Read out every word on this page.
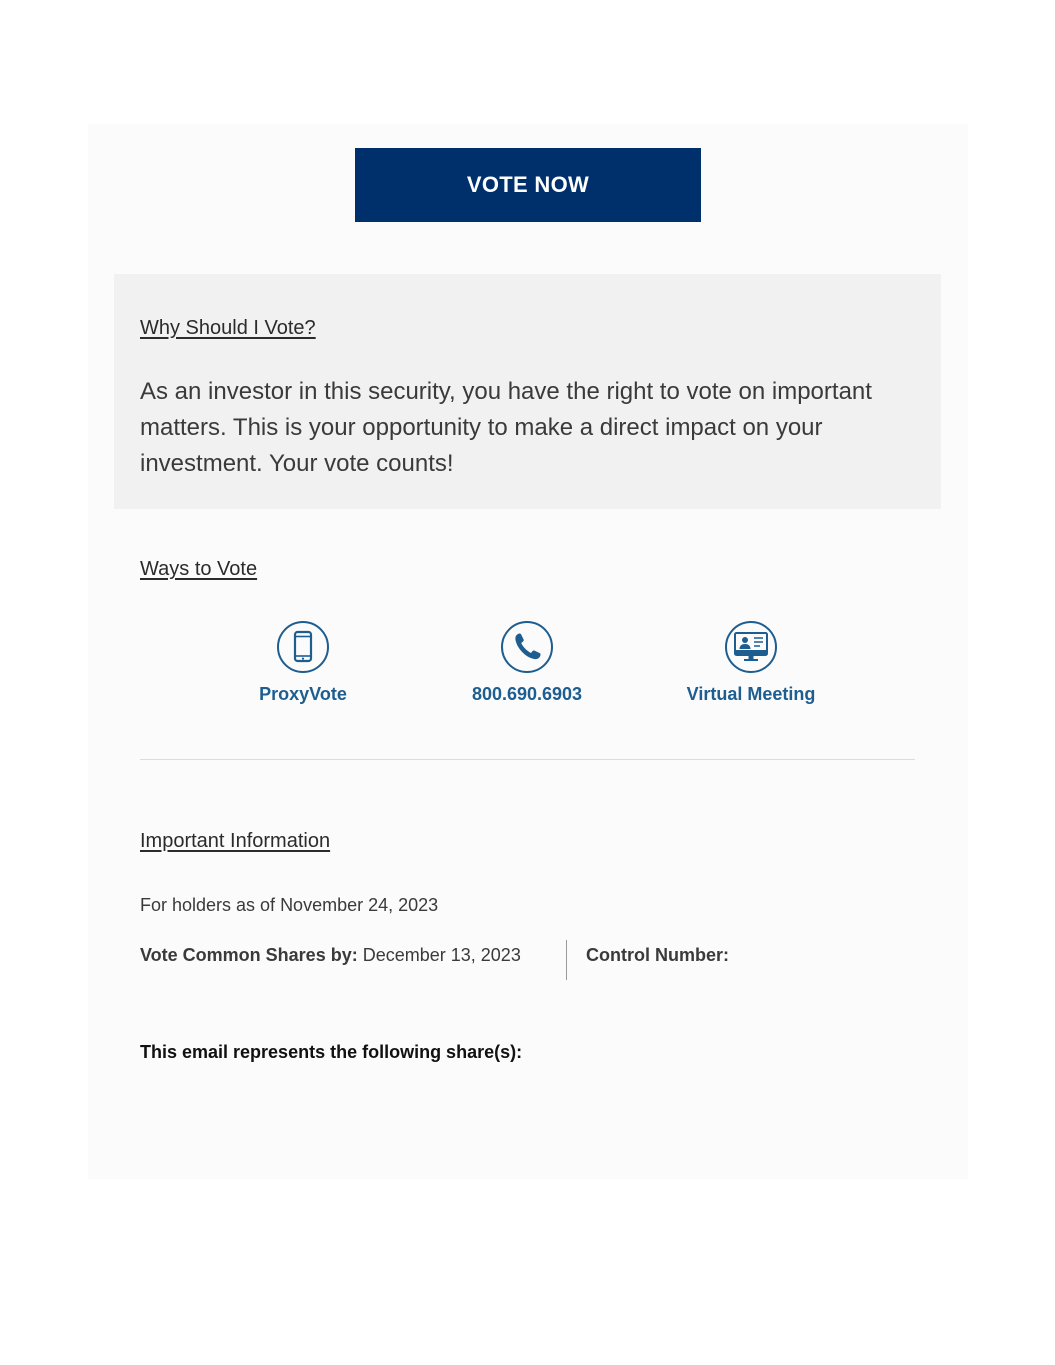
VOTE NOW
Why Should I Vote?

As an investor in this security, you have the right to vote on important matters. This is your opportunity to make a direct impact on your investment. Your vote counts!

Ways to Vote
ProxyVote	800.690.6903	Virtual Meeting
Important Information
For holders as of November 24, 2023
Vote Common Shares by: December 13, 2023	Control Number:
This email represents the following share(s):
